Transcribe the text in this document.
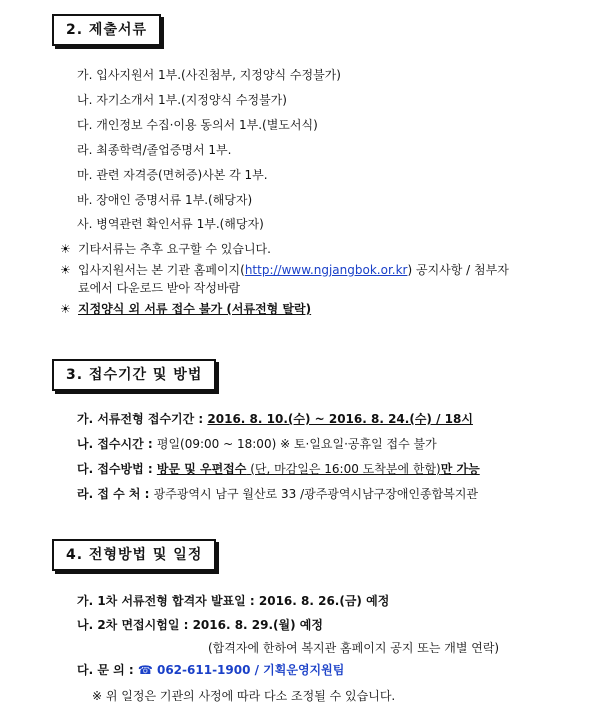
2. 제출서류
가. 입사지원서 1부.(사진첨부, 지정양식 수정불가)
나. 자기소개서 1부.(지정양식 수정불가)
다. 개인정보 수집·이용 동의서 1부.(별도서식)
라. 최종학력/졸업증명서 1부.
마. 관련 자격증(면허증)사본 각 1부.
바. 장애인 증명서류 1부.(해당자)
사. 병역관련 확인서류 1부.(해당자)
☀ 기타서류는 추후 요구할 수 있습니다.
☀ 입사지원서는 본 기관 홈페이지(http://www.ngjangbok.or.kr) 공지사항 / 첨부자
료에서 다운로드 받아 작성바람
☀ 지정양식 외 서류 접수 불가 (서류전형 탈락)
3. 접수기간 및 방법
가. 서류전형 접수기간 : 2016. 8. 10.(수) ~ 2016. 8. 24.(수) / 18시
나. 접수시간 : 평일(09:00 ~ 18:00) ※ 토·일요일·공휴일 접수 불가
다. 접수방법 : 방문 및 우편접수 (단, 마감일은 16:00 도착분에 한함)만 가능
라. 접 수 처 : 광주광역시 남구 월산로 33 /광주광역시남구장애인종합복지관
4. 전형방법 및 일정
가. 1차 서류전형 합격자 발표일 : 2016. 8. 26.(금) 예정
나. 2차 면접시험일 : 2016. 8. 29.(월) 예정
(합격자에 한하여 복지관 홈페이지 공지 또는 개별 연락)
다. 문 의 : ☎ 062-611-1900 / 기획운영지원팀
※ 위 일정은 기관의 사정에 따라 다소 조정될 수 있습니다.
